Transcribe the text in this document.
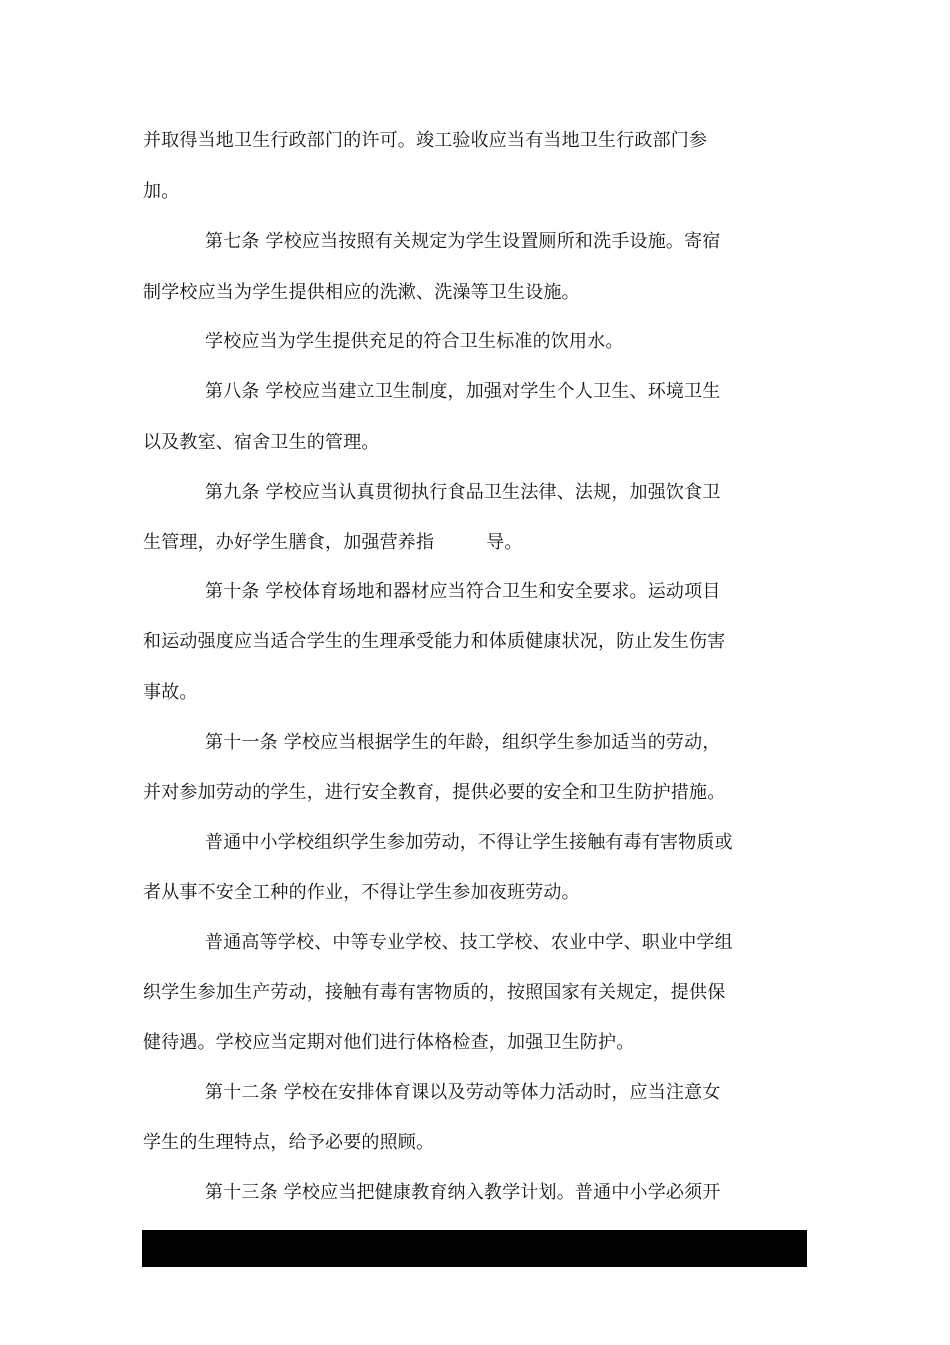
并取得当地卫生行政部门的许可。竣工验收应当有当地卫生行政部门参
加。
第七条 学校应当按照有关规定为学生设置厕所和洗手设施。寄宿
制学校应当为学生提供相应的洗漱、洗澡等卫生设施。
学校应当为学生提供充足的符合卫生标准的饮用水。
第八条 学校应当建立卫生制度，加强对学生个人卫生、环境卫生
以及教室、宿舍卫生的管理。
第九条 学校应当认真贯彻执行食品卫生法律、法规，加强饮食卫
生管理，办好学生膳食，加强营养指	导。
第十条 学校体育场地和器材应当符合卫生和安全要求。运动项目
和运动强度应当适合学生的生理承受能力和体质健康状况，防止发生伤害
事故。
第十一条 学校应当根据学生的年龄，组织学生参加适当的劳动，
并对参加劳动的学生，进行安全教育，提供必要的安全和卫生防护措施。
普通中小学校组织学生参加劳动，不得让学生接触有毒有害物质或
者从事不安全工种的作业，不得让学生参加夜班劳动。
普通高等学校、中等专业学校、技工学校、农业中学、职业中学组
织学生参加生产劳动，接触有毒有害物质的，按照国家有关规定，提供保
健待遇。学校应当定期对他们进行体格检查，加强卫生防护。
第十二条 学校在安排体育课以及劳动等体力活动时，应当注意女
学生的生理特点，给予必要的照顾。
第十三条 学校应当把健康教育纳入教学计划。普通中小学必须开
